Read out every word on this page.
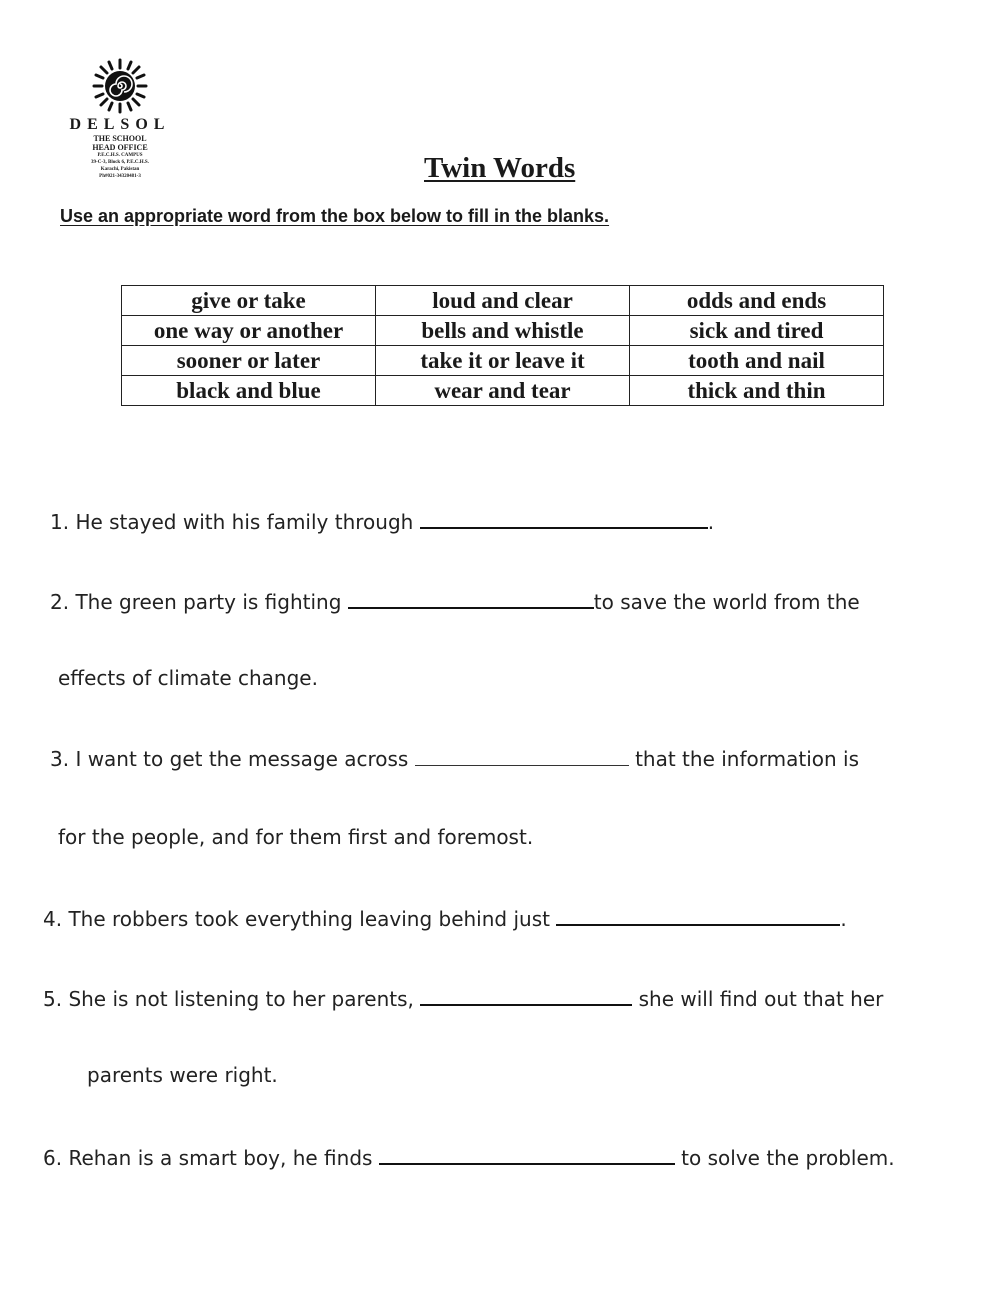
DELSOL
THE SCHOOL
HEAD OFFICE
P.E.C.H.S. CAMPUS
39-C-3, Block 6, P.E.C.H.S.
Karachi, Pakistan
Ph#021-34320481-3	Twin Words
Use an appropriate word from the box below to fill in the blanks.
give or take	loud and clear	odds and ends
one way or another	bells and whistle	sick and tired
sooner or later	take it or leave it	tooth and nail
black and blue	wear and tear	thick and thin
1. He stayed with his family through	.
2. The green party is fighting	to save the world from the
effects of climate change.
3. I want to get the message across	that the information is
for the people, and for them first and foremost.
4. The robbers took everything leaving behind just	.
5. She is not listening to her parents,	she will find out that her
parents were right.
6. Rehan is a smart boy, he finds	to solve the problem.
